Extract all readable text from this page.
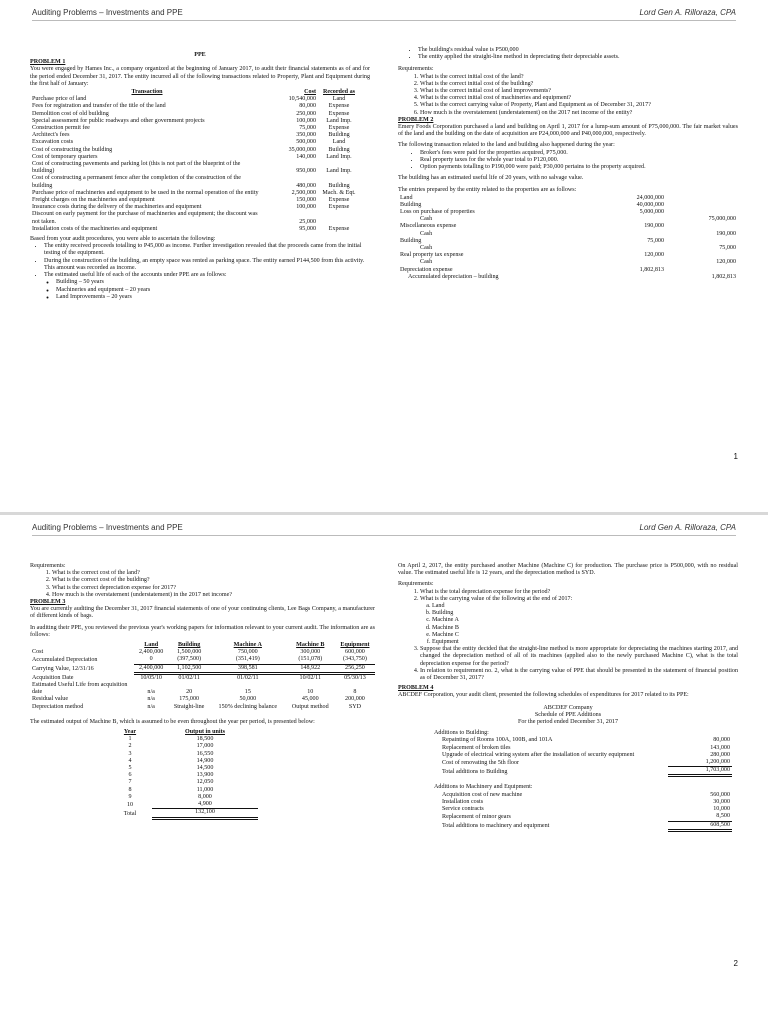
Auditing Problems – Investments and PPE	Lord Gen A. Rilloraza, CPA

PPE

PROBLEM 1

You were engaged by Hames Inc., a company organized at the beginning of January 2017, to audit their financial statements as of and for the period ended December 31, 2017. The entity incurred all of the following transactions related to Property, Plant and Equipment during the first half of January:

Transaction	Cost	Recorded as
Purchase price of land	10,540,000	Land
Fees for registration and transfer of the title of the land	80,000	Expense
Demolition cost of old building	250,000	Expense
Special assessment for public roadways and other government projects	100,000	Land Imp.
Construction permit fee	75,000	Expense
Architect's fees	350,000	Building
Excavation costs	500,000	Land
Cost of constructing the building	35,000,000	Building
Cost of temporary quarters	140,000	Land Imp.
Cost of constructing pavements and parking lot (this is not part of the blueprint of the building)	950,000	Land Imp.
Cost of constructing a permanent fence after the completion of the construction of the building	480,000	Building
Purchase price of machineries and equipment to be used in the normal operation of the entity	2,500,000	Mach. & Eqt.
Freight charges on the machineries and equipment	150,000	Expense
Insurance costs during the delivery of the machineries and equipment	100,000	Expense
Discount on early payment for the purchase of machineries and equipment; the discount was not taken.	25,000	
Installation costs of the machineries and equipment	95,000	Expense

Based from your audit procedures, you were able to ascertain the following:

• The entity received proceeds totalling to P45,000 as income. Further investigation revealed that the proceeds came from the initial testing of the equipment.
• During the construction of the building, an empty space was rented as parking space. The entity earned P144,500 from this activity. This amount was recorded as income.
• The estimated useful life of each of the accounts under PPE are as follows:
◦ Building – 50 years
◦ Machineries and equipment – 20 years
◦ Land Improvements – 20 years
• The building's residual value is P500,000
• The entity applied the straight-line method in depreciating their depreciable assets.

Requirements:

1. What is the correct initial cost of the land?
2. What is the correct initial cost of the building?
3. What is the correct initial cost of land improvements?
4. What is the correct initial cost of machineries and equipment?
5. What is the correct carrying value of Property, Plant and Equipment as of December 31, 2017?
6. How much is the overstatement (understatement) on the 2017 net income of the entity?

PROBLEM 2

Emery Foods Corporation purchased a land and building on April 1, 2017 for a lump-sum amount of P75,000,000. The fair market values of the land and the building on the date of acquisition are P24,000,000 and P40,000,000, respectively.

The following transaction related to the land and building also happened during the year:

• Broker's fees were paid for the properties acquired, P75,000.
• Real property taxes for the whole year total to P120,000.
• Option payments totalling to P190,000 were paid; P30,000 pertains to the property acquired.

The building has an estimated useful life of 20 years, with no salvage value.

The entries prepared by the entity related to the properties are as follows:

Land	24,000,000	
Building	40,000,000	
Loss on purchase of properties	5,000,000	
Cash		75,000,000

Miscellaneous expense	190,000	
Cash		190,000

Building	75,000	
Cash		75,000

Real property tax expense	120,000	
Cash		120,000

Depreciation expense	1,802,813	
Accumulated depreciation – building		1,802,813
1
Auditing Problems – Investments and PPE	Lord Gen A. Rilloraza, CPA

Requirements:

1. What is the correct cost of the land?
2. What is the correct cost of the building?
3. What is the correct depreciation expense for 2017?
4. How much is the overstatement (understatement) in the 2017 net income?

PROBLEM 3

You are currently auditing the December 31, 2017 financial statements of one of your continuing clients, Lee Bags Company, a manufacturer of different kinds of bags.

In auditing their PPE, you reviewed the previous year's working papers for information relevant to your current audit. The information are as follows:

	Land	Building	Machine A	Machine B	Equipment
Cost	2,400,000	1,500,000	750,000	300,000	600,000
Accumulated Depreciation	0	(397,500)	(351,419)	(151,078)	(343,750)
Carrying Value, 12/31/16	2,400,000	1,102,500	398,581	148,922	256,250

Acquisition Date	10/05/10	01/02/11	01/02/11	10/02/11	05/30/13
Estimated Useful Life from acquisition date	n/a	20	15	10	8
Residual value	n/a	175,000	50,000	45,000	200,000
Depreciation method	n/a	Straight-line	150% declining balance	Output method	SYD

The estimated output of Machine B, which is assumed to be even throughout the year per period, is presented below:

Year	Output in units
1	18,500
2	17,000
3	16,550
4	14,900
5	14,500
6	13,900
7	12,050
8	11,000
9	8,000
10	4,900
Total	132,100

On April 2, 2017, the entity purchased another Machine (Machine C) for production. The purchase price is P500,000, with no residual value. The estimated useful life is 12 years, and the depreciation method is SYD.

Requirements:

1. What is the total depreciation expense for the period?
2. What is the carrying value of the following at the end of 2017:
a. Land
b. Building
c. Machine A
d. Machine B
e. Machine C
f. Equipment
3. Suppose that the entity decided that the straight-line method is more appropriate for depreciating the machines starting 2017, and changed the depreciation method of all of its machines (applied also to the newly purchased Machine C), what is the total depreciation expense for the period?
4. In relation to requirement no. 2, what is the carrying value of PPE that should be presented in the statement of financial position as of December 31, 2017?

PROBLEM 4

ABCDEF Corporation, your audit client, presented the following schedules of expenditures for 2017 related to its PPE:

ABCDEF Company

Schedule of PPE Additions

For the period ended December 31, 2017

Additions to Building:	
Repainting of Rooms 100A, 100B, and 101A	80,000
Replacement of broken tiles	143,000
Upgrade of electrical wiring system after the installation of security equipment	280,000
Cost of renovating the 5th floor	1,200,000
Total additions to Building	1,703,000
Additions to Machinery and Equipment:	
Acquisition cost of new machine	560,000
Installation costs	30,000
Service contracts	10,000
Replacement of minor gears	8,500
Total additions to machinery and equipment	608,500
2
